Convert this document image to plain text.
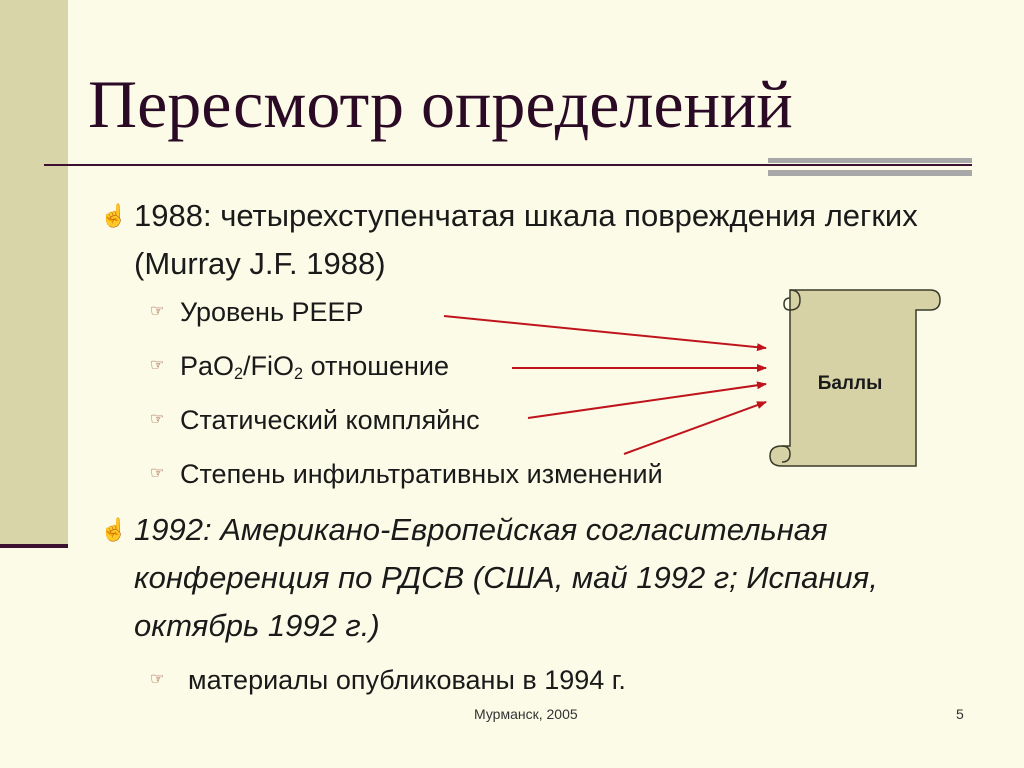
Пересмотр определений
☝ 1988: четырехступенчатая шкала повреждения легких
(Murray J.F. 1988)
☞ Уровень PEEP
☞ PaO$_2$/FiO$_2$ отношение
☞ Статический компляйнс
☞ Степень инфильтративных изменений
☝ 1992: Американо-Европейская согласительная
конференция по РДСВ (США, май 1992 г; Испания,
октябрь 1992 г.)
☞ материалы опубликованы в 1994 г.
Баллы
Мурманск, 2005	5
